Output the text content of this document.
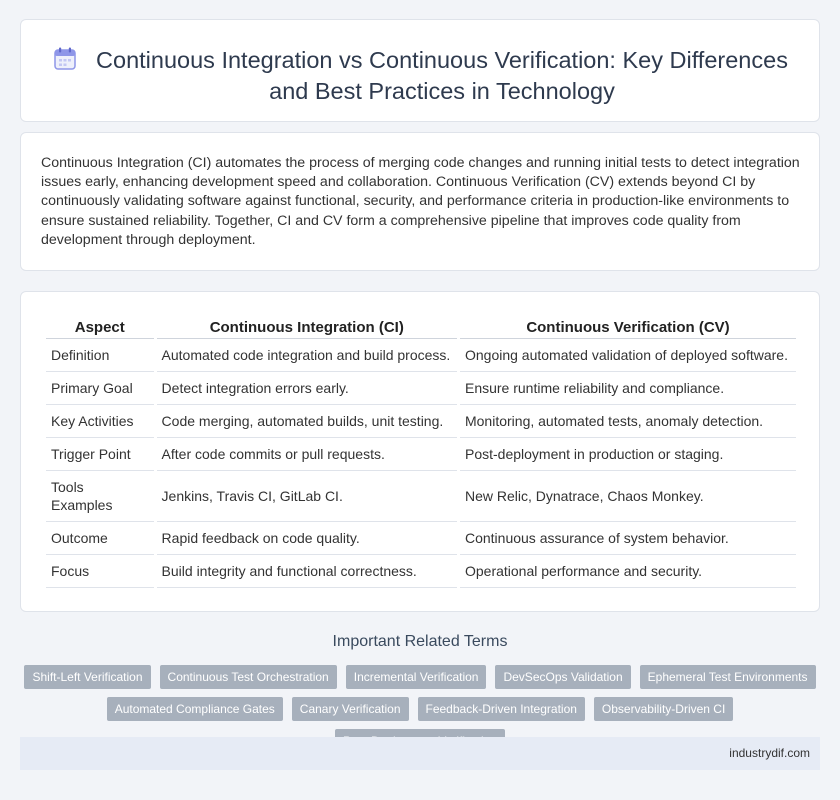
Continuous Integration vs Continuous Verification: Key Differences and Best Practices in Technology

Continuous Integration (CI) automates the process of merging code changes and running initial tests to detect integration issues early, enhancing development speed and collaboration. Continuous Verification (CV) extends beyond CI by continuously validating software against functional, security, and performance criteria in production-like environments to ensure sustained reliability. Together, CI and CV form a comprehensive pipeline that improves code quality from development through deployment.

Aspect	Continuous Integration (CI)	Continuous Verification (CV)
Definition	Automated code integration and build process.	Ongoing automated validation of deployed software.
Primary Goal	Detect integration errors early.	Ensure runtime reliability and compliance.
Key Activities	Code merging, automated builds, unit testing.	Monitoring, automated tests, anomaly detection.
Trigger Point	After code commits or pull requests.	Post-deployment in production or staging.
Tools Examples	Jenkins, Travis CI, GitLab CI.	New Relic, Dynatrace, Chaos Monkey.
Outcome	Rapid feedback on code quality.	Continuous assurance of system behavior.
Focus	Build integrity and functional correctness.	Operational performance and security.
Important Related Terms
Shift-Left Verification	Continuous Test Orchestration	Incremental Verification	DevSecOps Validation	Ephemeral Test Environments
Automated Compliance Gates	Canary Verification	Feedback-Driven Integration	Observability-Driven CI
industrydif.com
